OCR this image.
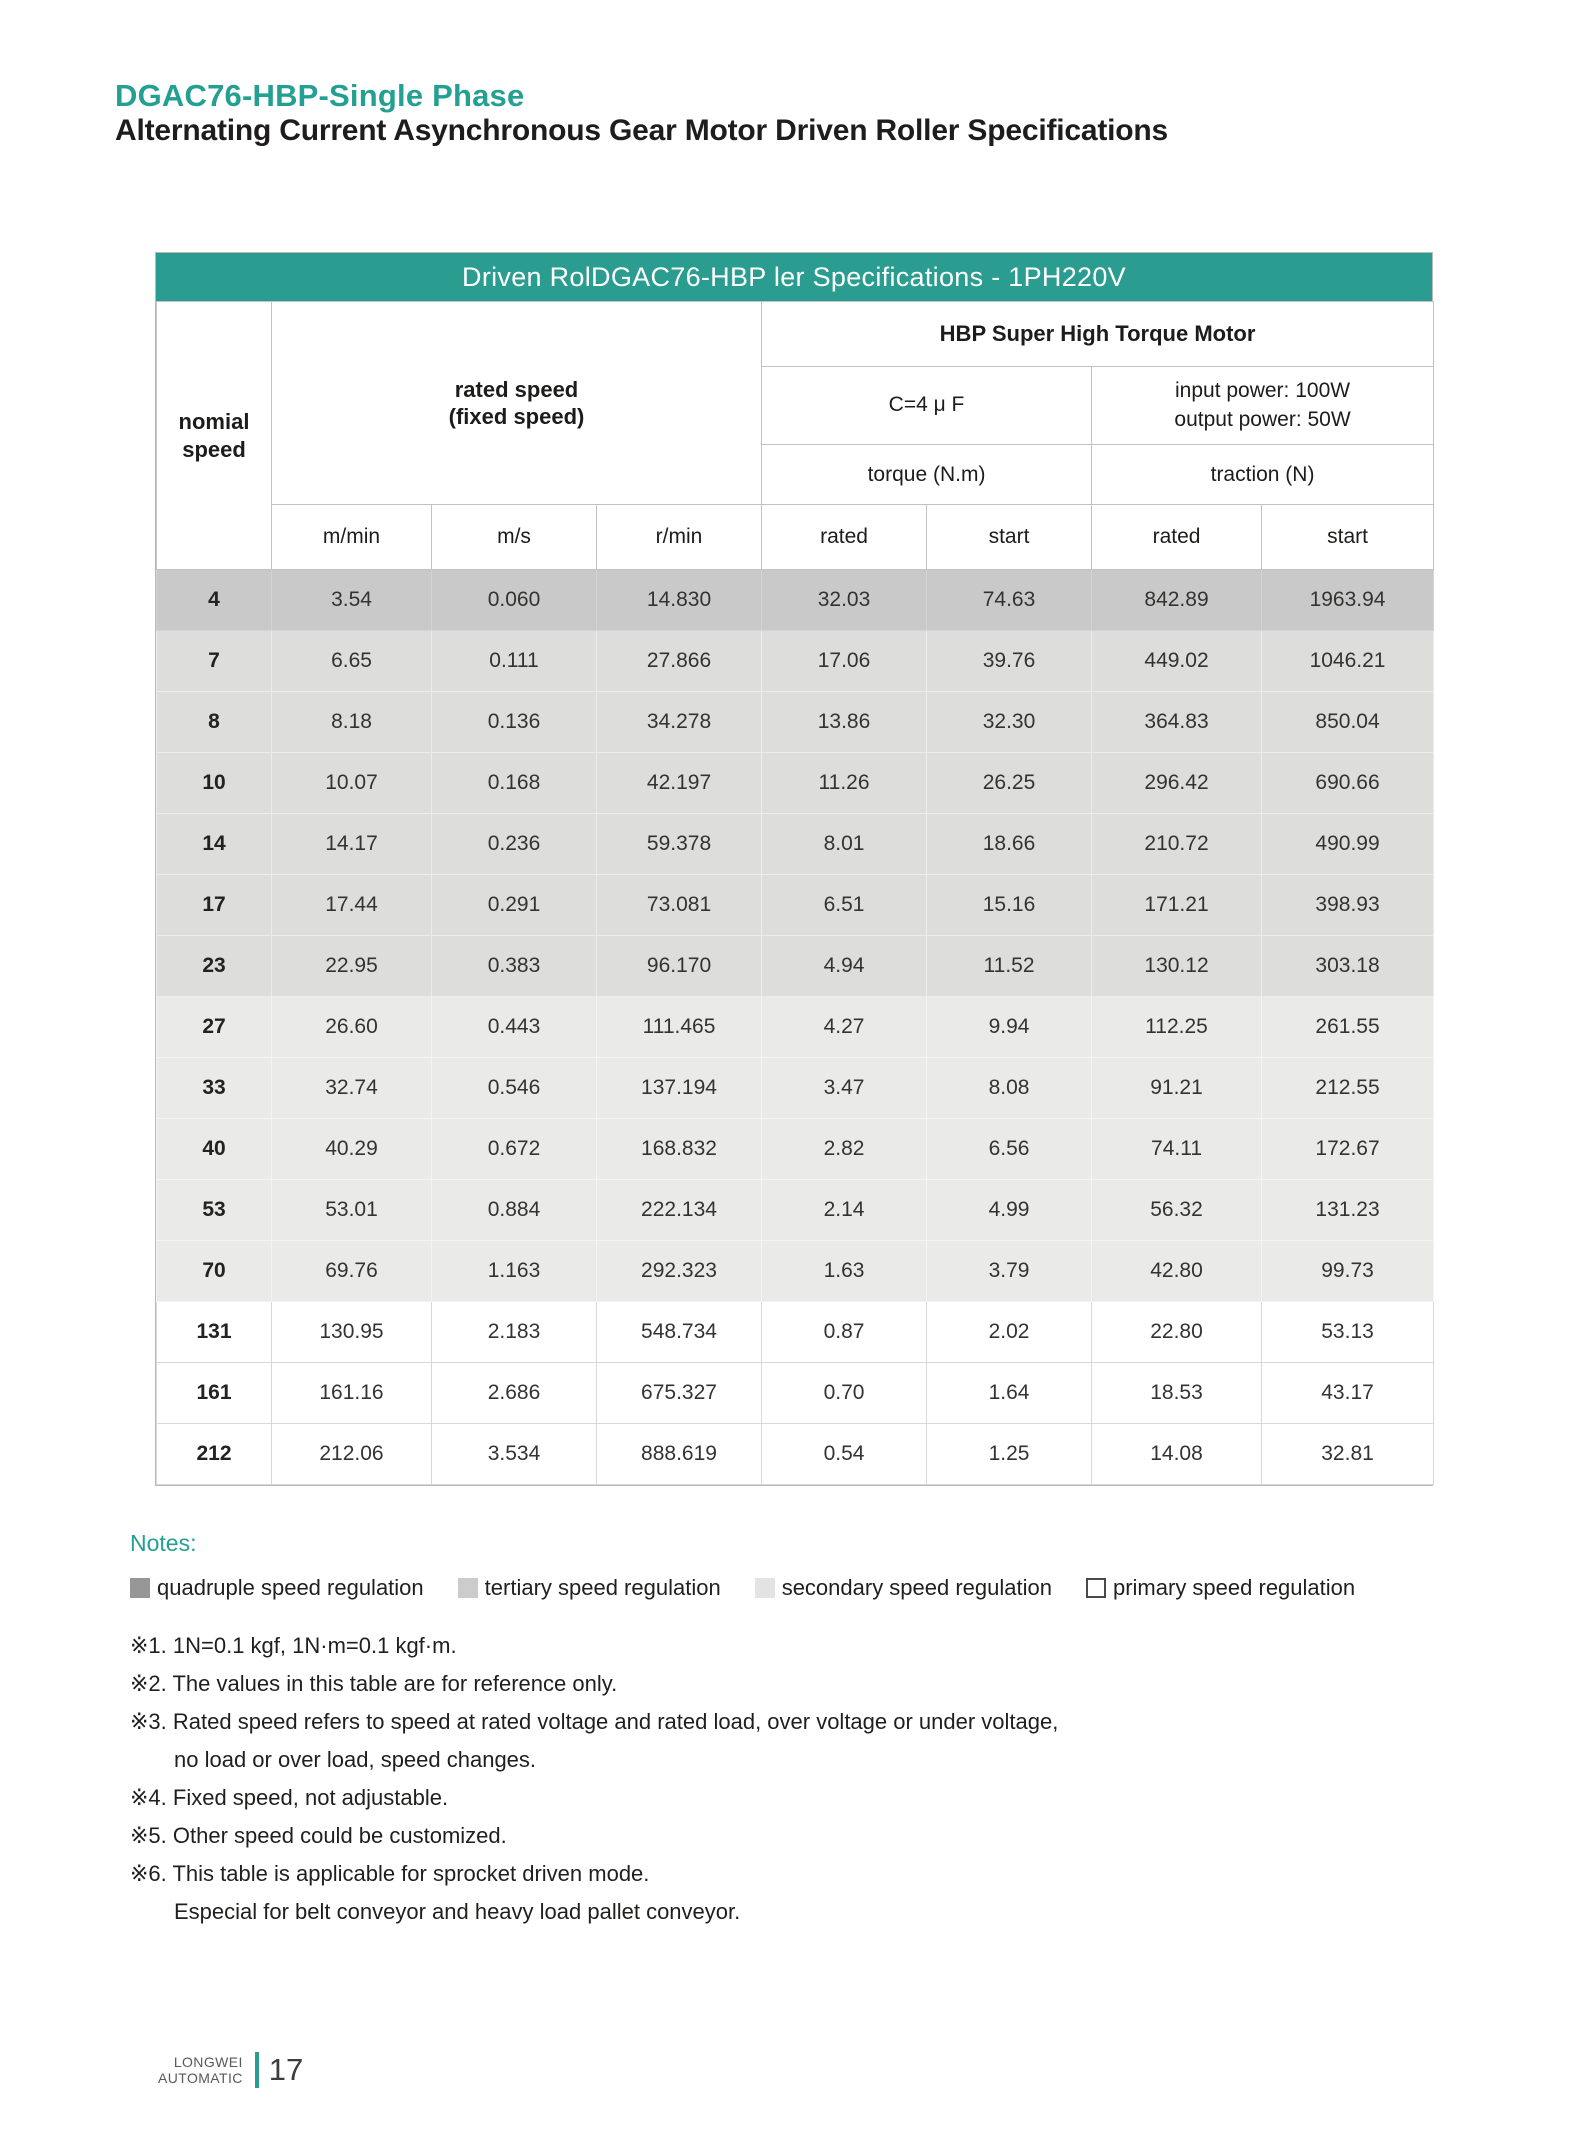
DGAC76-HBP-Single Phase
Alternating Current Asynchronous Gear Motor Driven Roller Specifications
Driven RolDGAC76-HBP ler Specifications - 1PH220V
nomial
speed	
rated speed
(fixed speed)
	HBP Super High Torque Motor
				C=4 μ F		input power: 100W
output power: 50W	

				torque (N.m)		traction (N)	
	m/min	m/s	r/min	rated	start	rated	start
4	3.54	0.060	14.830	32.03	74.63	842.89	1963.94
7	6.65	0.111	27.866	17.06	39.76	449.02	1046.21
8	8.18	0.136	34.278	13.86	32.30	364.83	850.04
10	10.07	0.168	42.197	11.26	26.25	296.42	690.66
14	14.17	0.236	59.378	8.01	18.66	210.72	490.99
17	17.44	0.291	73.081	6.51	15.16	171.21	398.93
23	22.95	0.383	96.170	4.94	11.52	130.12	303.18
27	26.60	0.443	111.465	4.27	9.94	112.25	261.55
33	32.74	0.546	137.194	3.47	8.08	91.21	212.55
40	40.29	0.672	168.832	2.82	6.56	74.11	172.67
53	53.01	0.884	222.134	2.14	4.99	56.32	131.23
70	69.76	1.163	292.323	1.63	3.79	42.80	99.73
131	130.95	2.183	548.734	0.87	2.02	22.80	53.13
161	161.16	2.686	675.327	0.70	1.64	18.53	43.17
212	212.06	3.534	888.619	0.54	1.25	14.08	32.81
Notes:
quadruple speed regulation	tertiary speed regulation	secondary speed regulation	primary speed regulation
※1. 1N=0.1 kgf, 1N·m=0.1 kgf·m.
※2. The values in this table are for reference only.
※3. Rated speed refers to speed at rated voltage and rated load, over voltage or under voltage,
no load or over load, speed changes.
※4. Fixed speed, not adjustable.
※5. Other speed could be customized.
※6. This table is applicable for sprocket driven mode.
Especial for belt conveyor and heavy load pallet conveyor.
LONGWEI
AUTOMATIC 17
